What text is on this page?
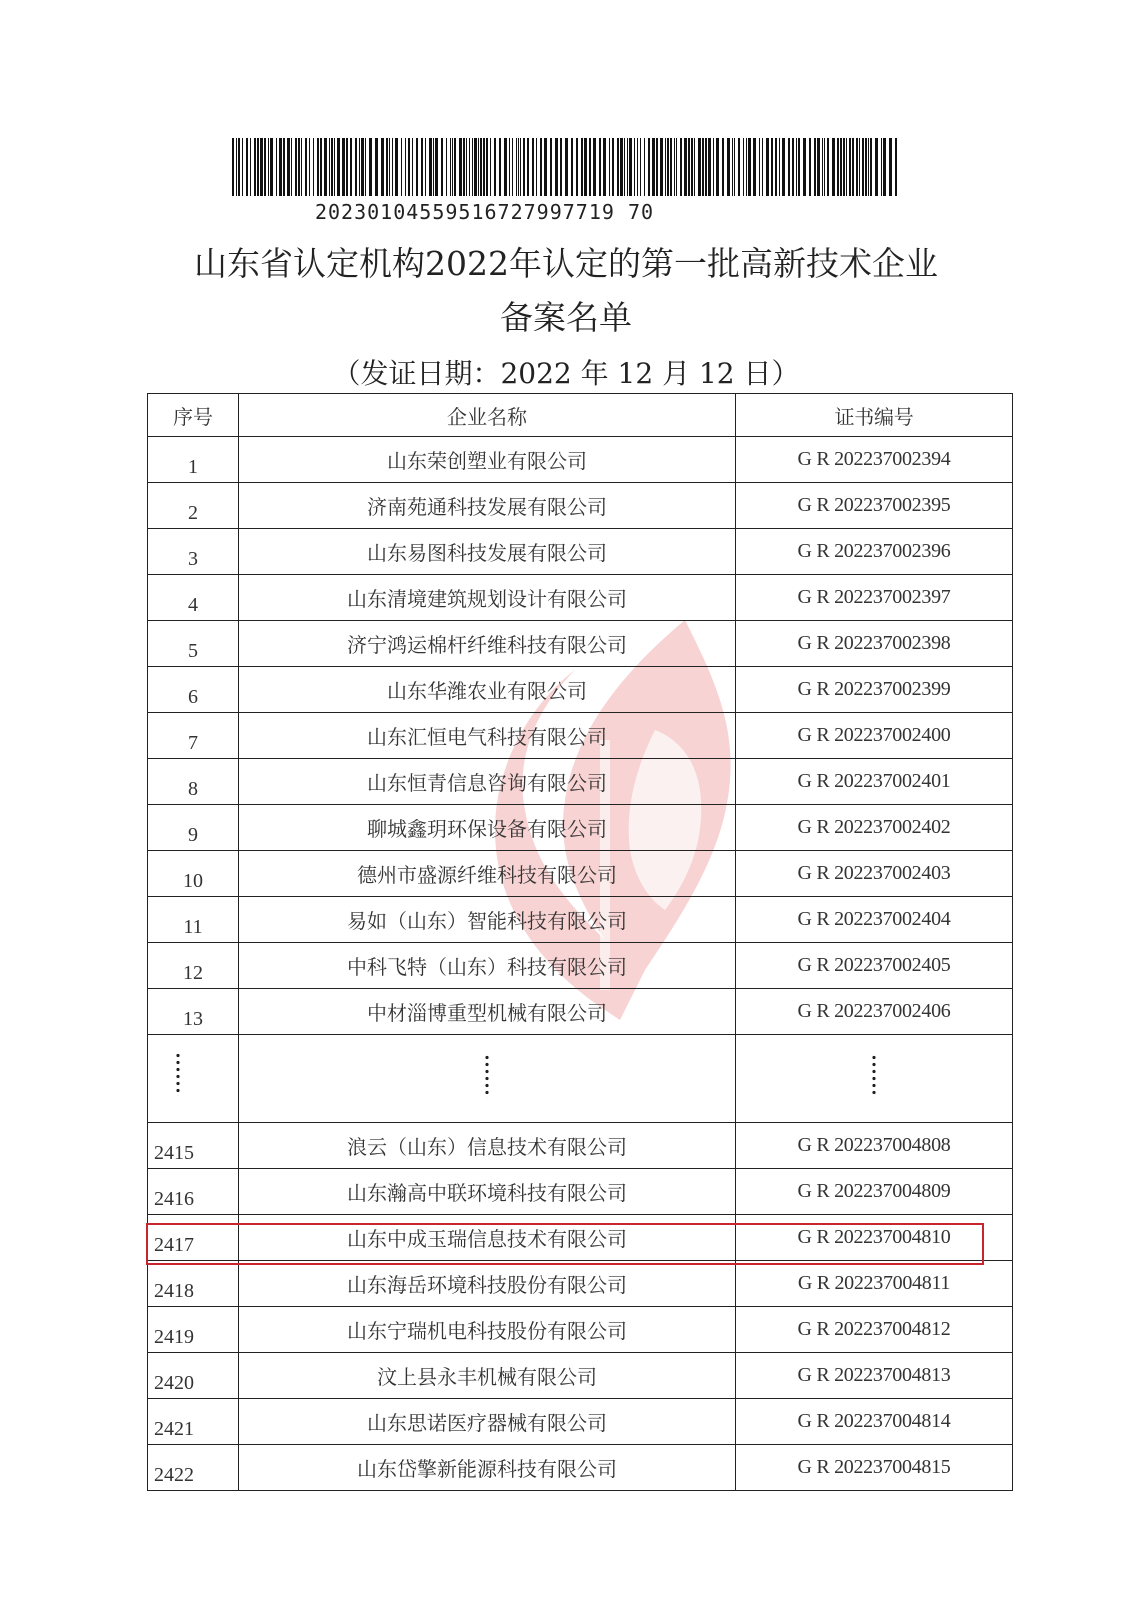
20230104559516727997719 70
山东省认定机构2022年认定的第一批高新技术企业
备案名单
（发证日期：2022 年 12 月 12 日）
序号	企业名称	证书编号
1	山东荣创塑业有限公司	G R 202237002394
2	济南苑通科技发展有限公司	G R 202237002395
3	山东易图科技发展有限公司	G R 202237002396
4	山东清境建筑规划设计有限公司	G R 202237002397
5	济宁鸿运棉杆纤维科技有限公司	G R 202237002398
6	山东华潍农业有限公司	G R 202237002399
7	山东汇恒电气科技有限公司	G R 202237002400
8	山东恒青信息咨询有限公司	G R 202237002401
9	聊城鑫玥环保设备有限公司	G R 202237002402
10	德州市盛源纤维科技有限公司	G R 202237002403
11	易如（山东）智能科技有限公司	G R 202237002404
12	中科飞特（山东）科技有限公司	G R 202237002405
13	中材淄博重型机械有限公司	G R 202237002406

2415	浪云（山东）信息技术有限公司	G R 202237004808
2416	山东瀚高中联环境科技有限公司	G R 202237004809
2417	山东中成玉瑞信息技术有限公司	G R 202237004810
2418	山东海岳环境科技股份有限公司	G R 202237004811
2419	山东宁瑞机电科技股份有限公司	G R 202237004812
2420	汶上县永丰机械有限公司	G R 202237004813
2421	山东思诺医疗器械有限公司	G R 202237004814
2422	山东岱擎新能源科技有限公司	G R 202237004815
